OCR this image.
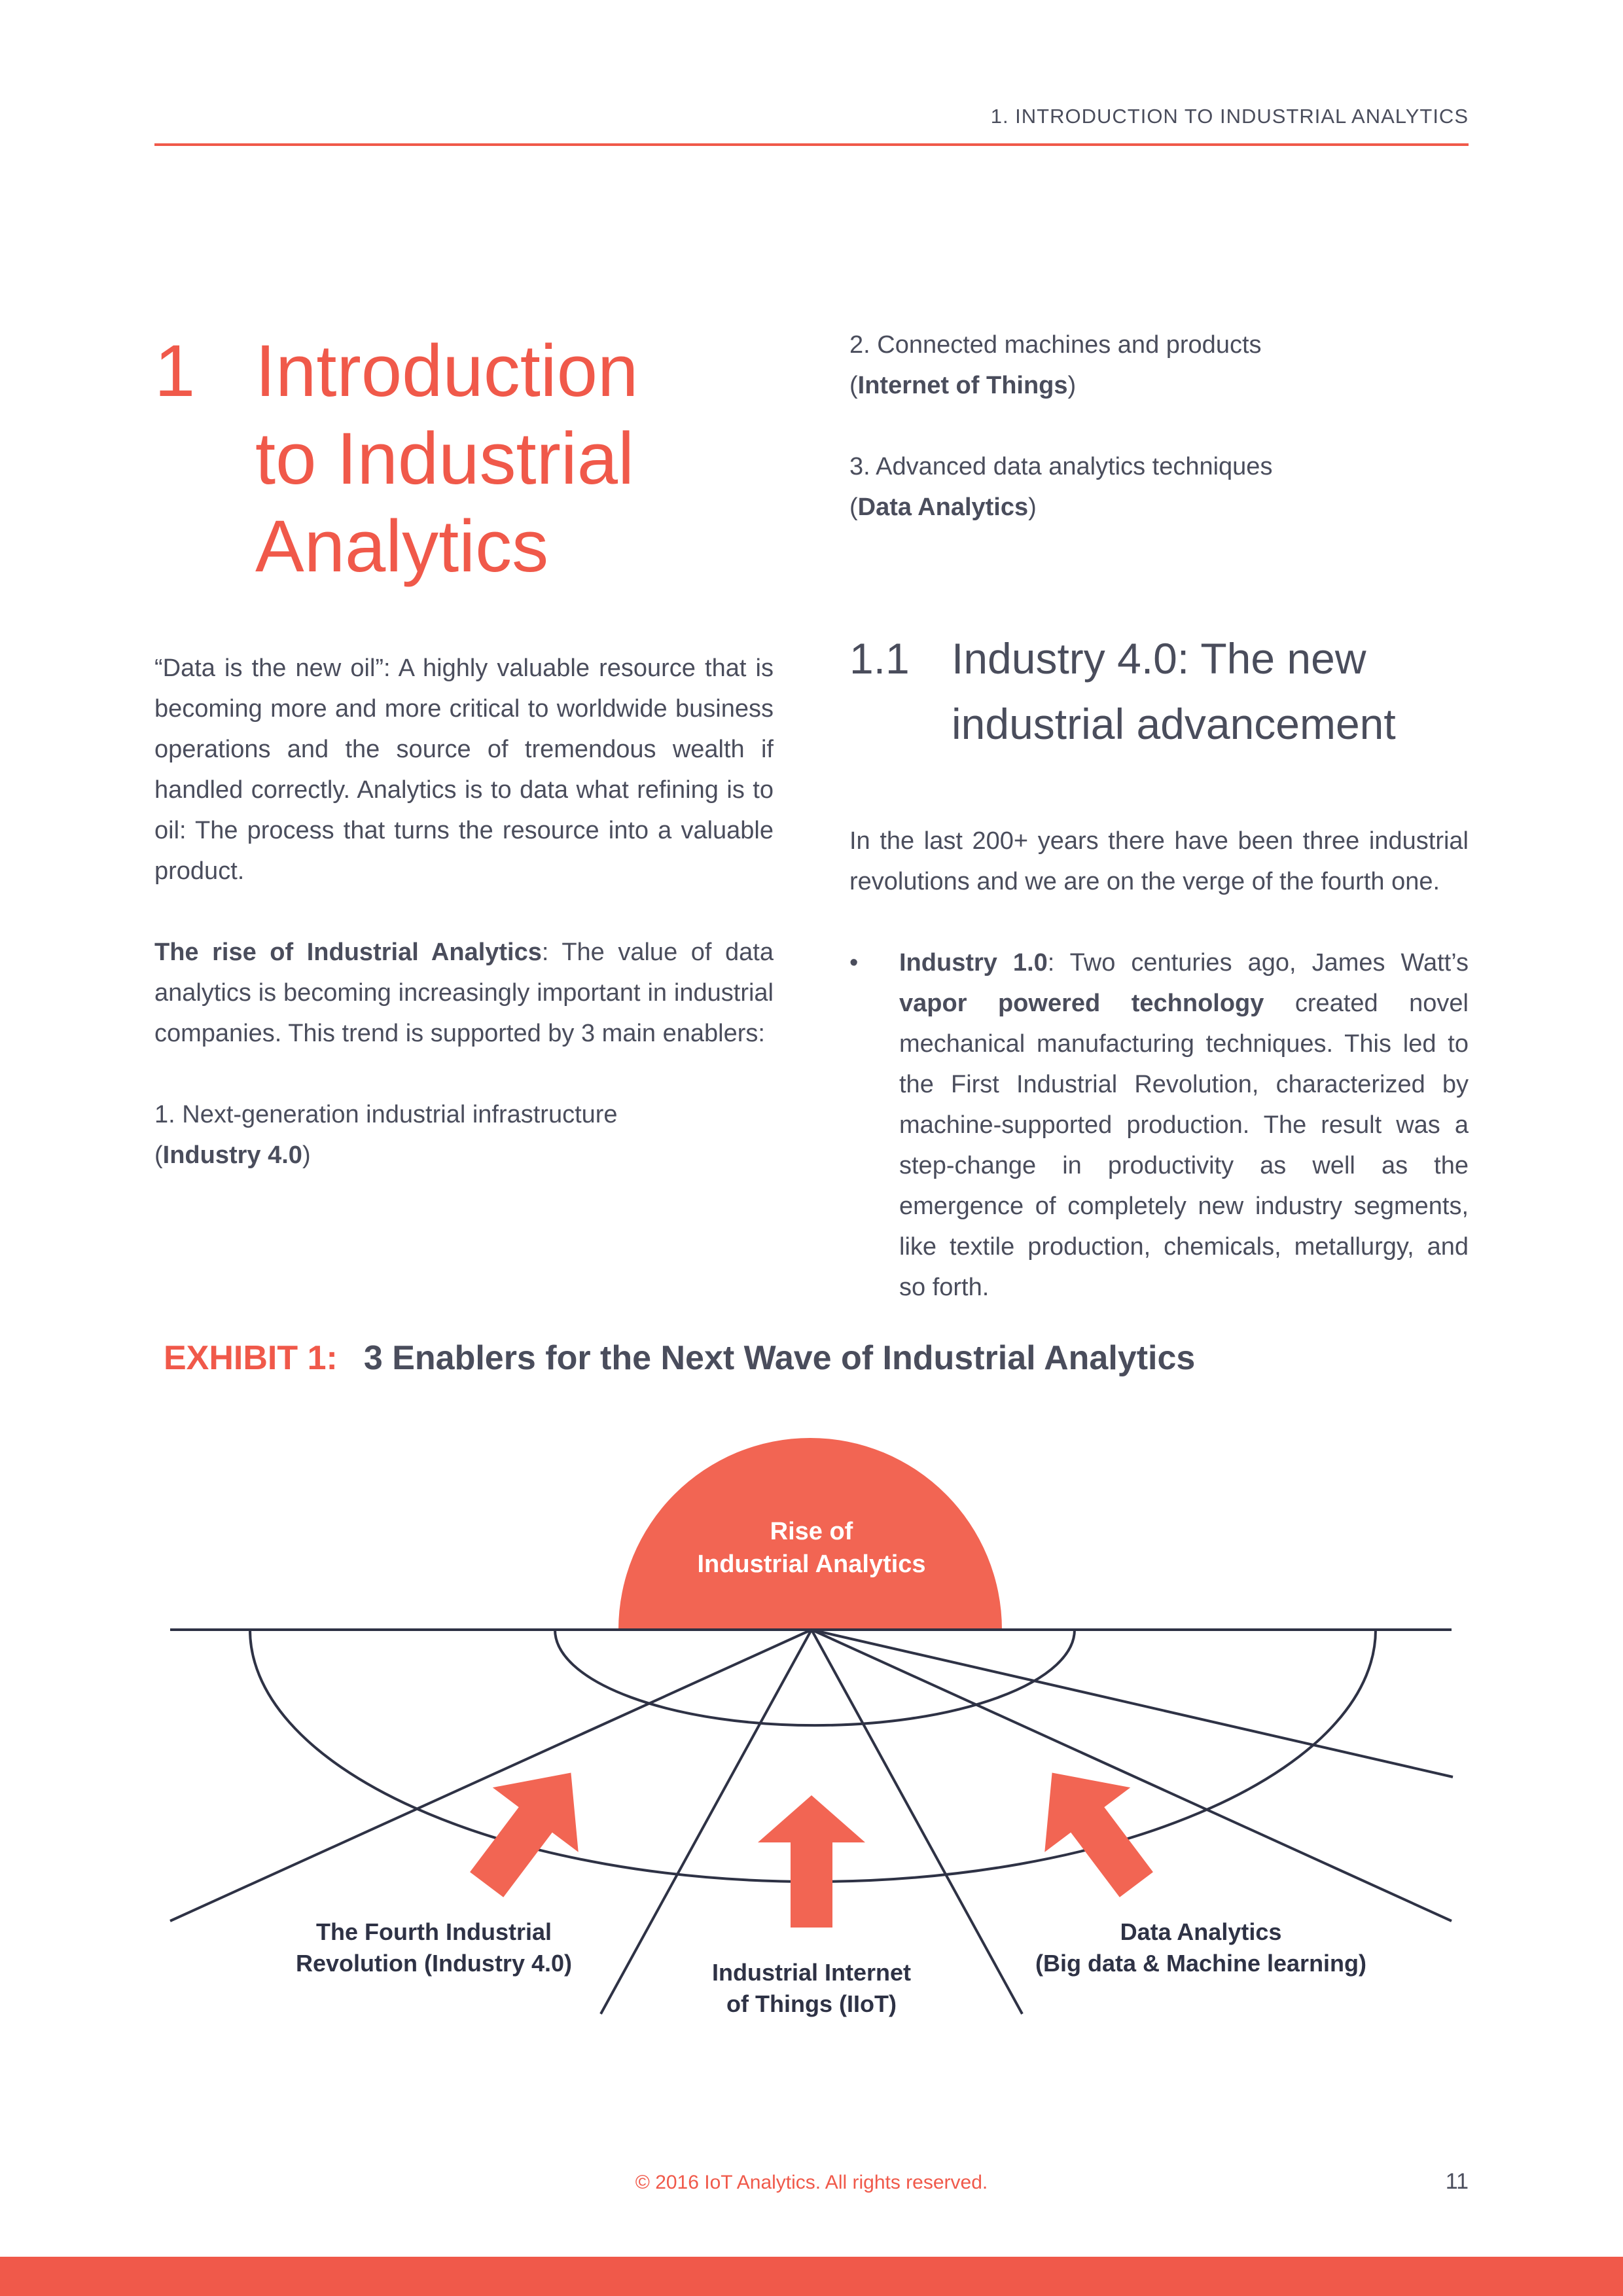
1. INTRODUCTION TO INDUSTRIAL ANALYTICS
1 Introduction
to Industrial
Analytics

“Data is the new oil”: A highly valuable resource that is becoming more and more critical to worldwide business operations and the source of tremendous wealth if handled correctly. Analytics is to data what refining is to oil: The process that turns the resource into a valuable product.

The rise of Industrial Analytics: The value of data analytics is becoming increasingly important in industrial companies. This trend is supported by 3 main enablers:

1. Next-generation industrial infrastructure
(Industry 4.0)

2. Connected machines and products
(Internet of Things)

3. Advanced data analytics techniques
(Data Analytics)

1.1 Industry 4.0: The new industrial advancement

In the last 200+ years there have been three industrial revolutions and we are on the verge of the fourth one.

• Industry 1.0: Two centuries ago, James Watt’s vapor powered technology created novel mechanical manufacturing techniques. This led to the First Industrial Revolution, characterized by machine-supported production. The result was a step-change in productivity as well as the emergence of completely new industry segments, like textile production, chemicals, metallurgy, and so forth.

EXHIBIT 1: 3 Enablers for the Next Wave of Industrial Analytics
Rise of
Industrial Analytics
The Fourth Industrial
Revolution (Industry 4.0)	Industrial Internet
of Things (IIoT)
Data Analytics
(Big data & Machine learning)
© 2016 IoT Analytics. All rights reserved.	11
